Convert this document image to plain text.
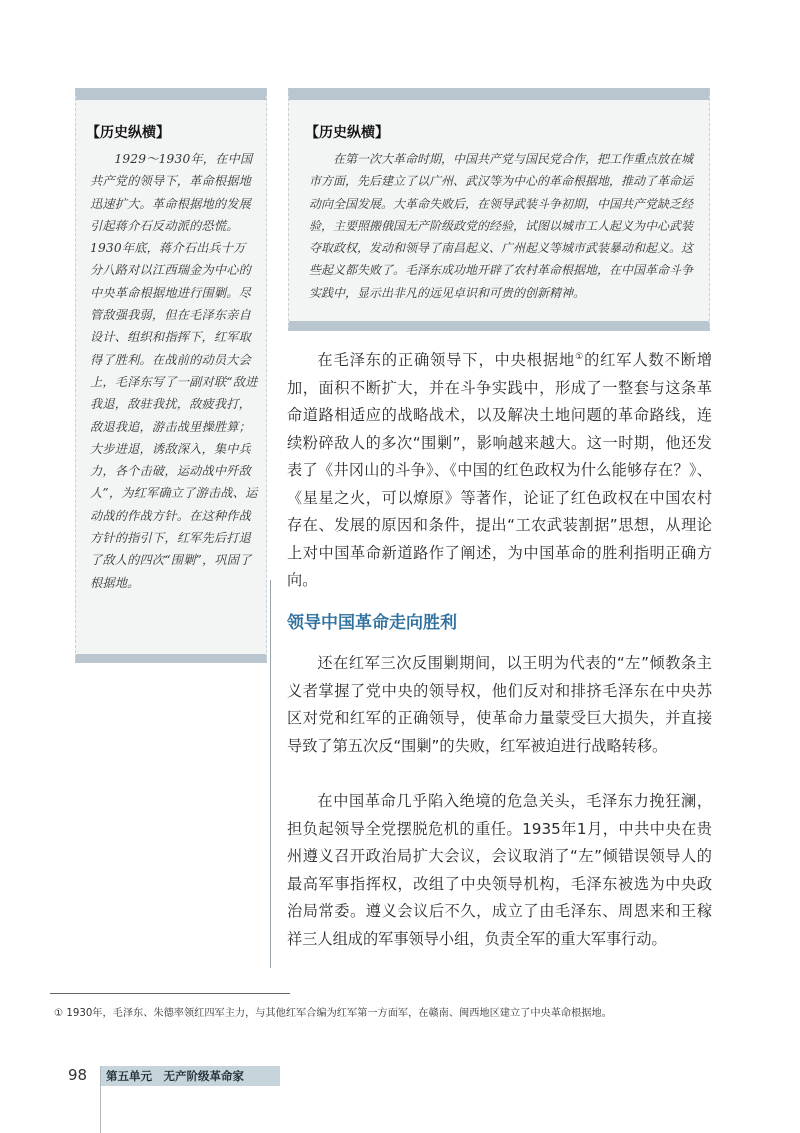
【历史纵横】
1929～1930年，在中国共产党的领导下，革命根据地迅速扩大。革命根据地的发展引起蒋介石反动派的恐慌。1930年底，蒋介石出兵十万分八路对以江西瑞金为中心的中央革命根据地进行围剿。尽管敌强我弱，但在毛泽东亲自设计、组织和指挥下，红军取得了胜利。在战前的动员大会上，毛泽东写了一副对联“敌进我退，敌驻我扰，敌疲我打，敌退我追，游击战里操胜算；大步进退，诱敌深入，集中兵力，各个击破，运动战中歼敌人”，为红军确立了游击战、运动战的作战方针。在这种作战方针的指引下，红军先后打退了敌人的四次“围剿”，巩固了根据地。
【历史纵横】
在第一次大革命时期，中国共产党与国民党合作，把工作重点放在城市方面，先后建立了以广州、武汉等为中心的革命根据地，推动了革命运动向全国发展。大革命失败后，在领导武装斗争初期，中国共产党缺乏经验，主要照搬俄国无产阶级政党的经验，试图以城市工人起义为中心武装夺取政权，发动和领导了南昌起义、广州起义等城市武装暴动和起义。这些起义都失败了。毛泽东成功地开辟了农村革命根据地，在中国革命斗争实践中，显示出非凡的远见卓识和可贵的创新精神。

在毛泽东的正确领导下，中央根据地①的红军人数不断增加，面积不断扩大，并在斗争实践中，形成了一整套与这条革命道路相适应的战略战术，以及解决土地问题的革命路线，连续粉碎敌人的多次“围剿”，影响越来越大。这一时期，他还发表了《井冈山的斗争》、《中国的红色政权为什么能够存在？》、《星星之火，可以燎原》等著作，论证了红色政权在中国农村存在、发展的原因和条件，提出“工农武装割据”思想，从理论上对中国革命新道路作了阐述，为中国革命的胜利指明正确方向。

领导中国革命走向胜利

还在红军三次反围剿期间，以王明为代表的“左”倾教条主义者掌握了党中央的领导权，他们反对和排挤毛泽东在中央苏区对党和红军的正确领导，使革命力量蒙受巨大损失，并直接导致了第五次反“围剿”的失败，红军被迫进行战略转移。

在中国革命几乎陷入绝境的危急关头，毛泽东力挽狂澜，担负起领导全党摆脱危机的重任。1935年1月，中共中央在贵州遵义召开政治局扩大会议，会议取消了“左”倾错误领导人的最高军事指挥权，改组了中央领导机构，毛泽东被选为中央政治局常委。遵义会议后不久，成立了由毛泽东、周恩来和王稼祥三人组成的军事领导小组，负责全军的重大军事行动。

① 1930年，毛泽东、朱德率领红四军主力，与其他红军合编为红军第一方面军，在赣南、闽西地区建立了中央革命根据地。
98 第五单元　无产阶级革命家
